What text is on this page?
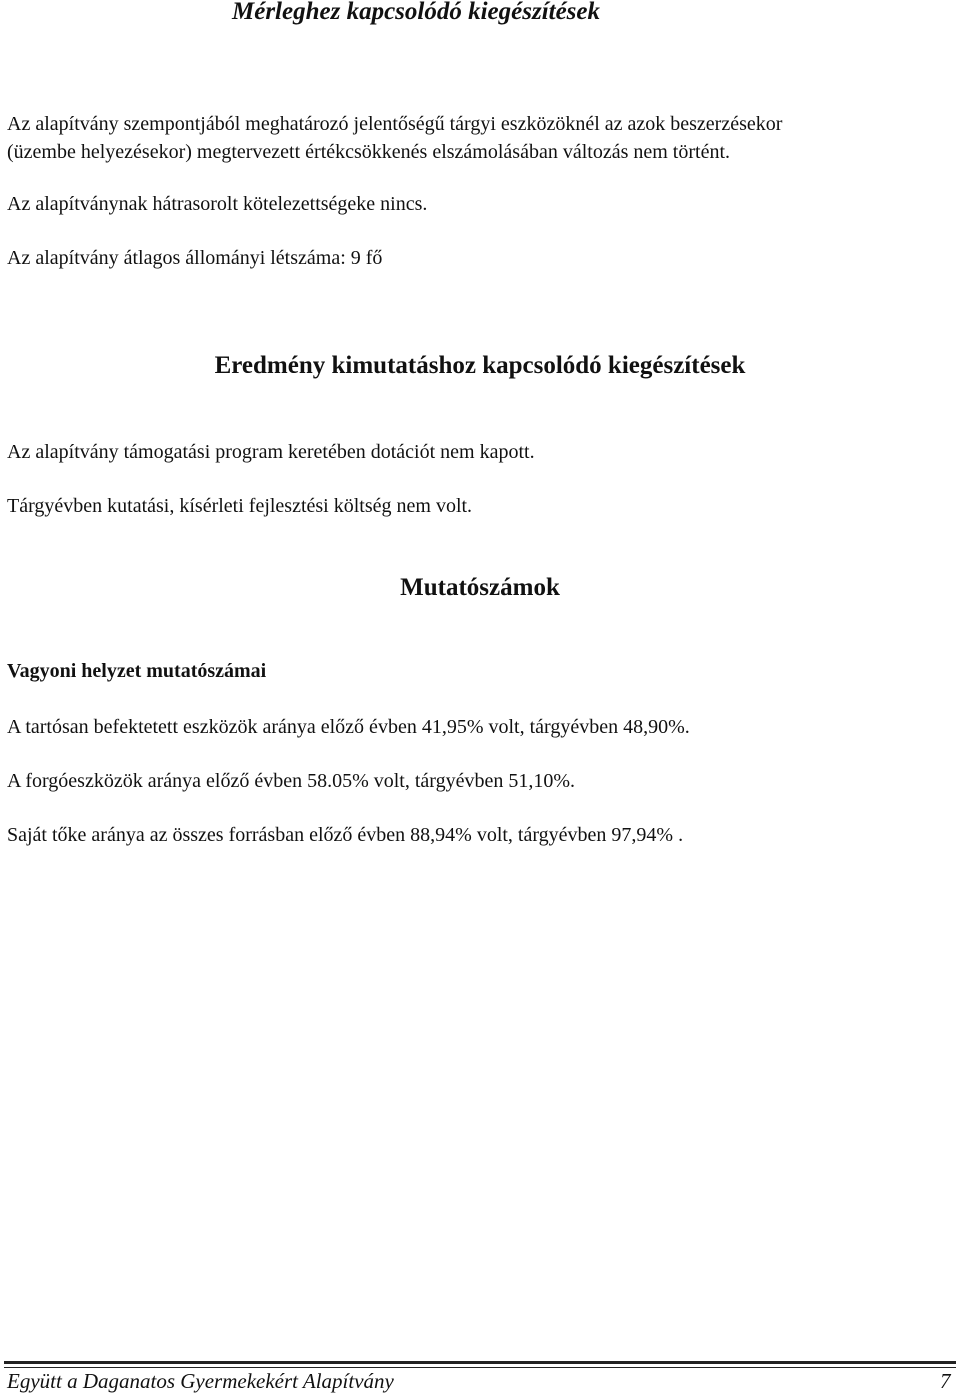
Mérleghez kapcsolódó kiegészítések
Az alapítvány szempontjából meghatározó jelentőségű tárgyi eszközöknél az azok beszerzésekor
(üzembe helyezésekor) megtervezett értékcsökkenés elszámolásában változás nem történt.
Az alapítványnak hátrasorolt kötelezettségeke nincs.
Az alapítvány átlagos állományi létszáma: 9 fő
Eredmény kimutatáshoz kapcsolódó kiegészítések
Az alapítvány támogatási program keretében dotációt nem kapott.
Tárgyévben kutatási, kísérleti fejlesztési költség nem volt.
Mutatószámok
Vagyoni helyzet mutatószámai
A tartósan befektetett eszközök aránya előző évben 41,95% volt, tárgyévben 48,90%.
A forgóeszközök aránya előző évben 58.05% volt, tárgyévben 51,10%.
Saját tőke aránya az összes forrásban előző évben 88,94% volt, tárgyévben 97,94% .
Együtt a Daganatos Gyermekekért Alapítvány	7
